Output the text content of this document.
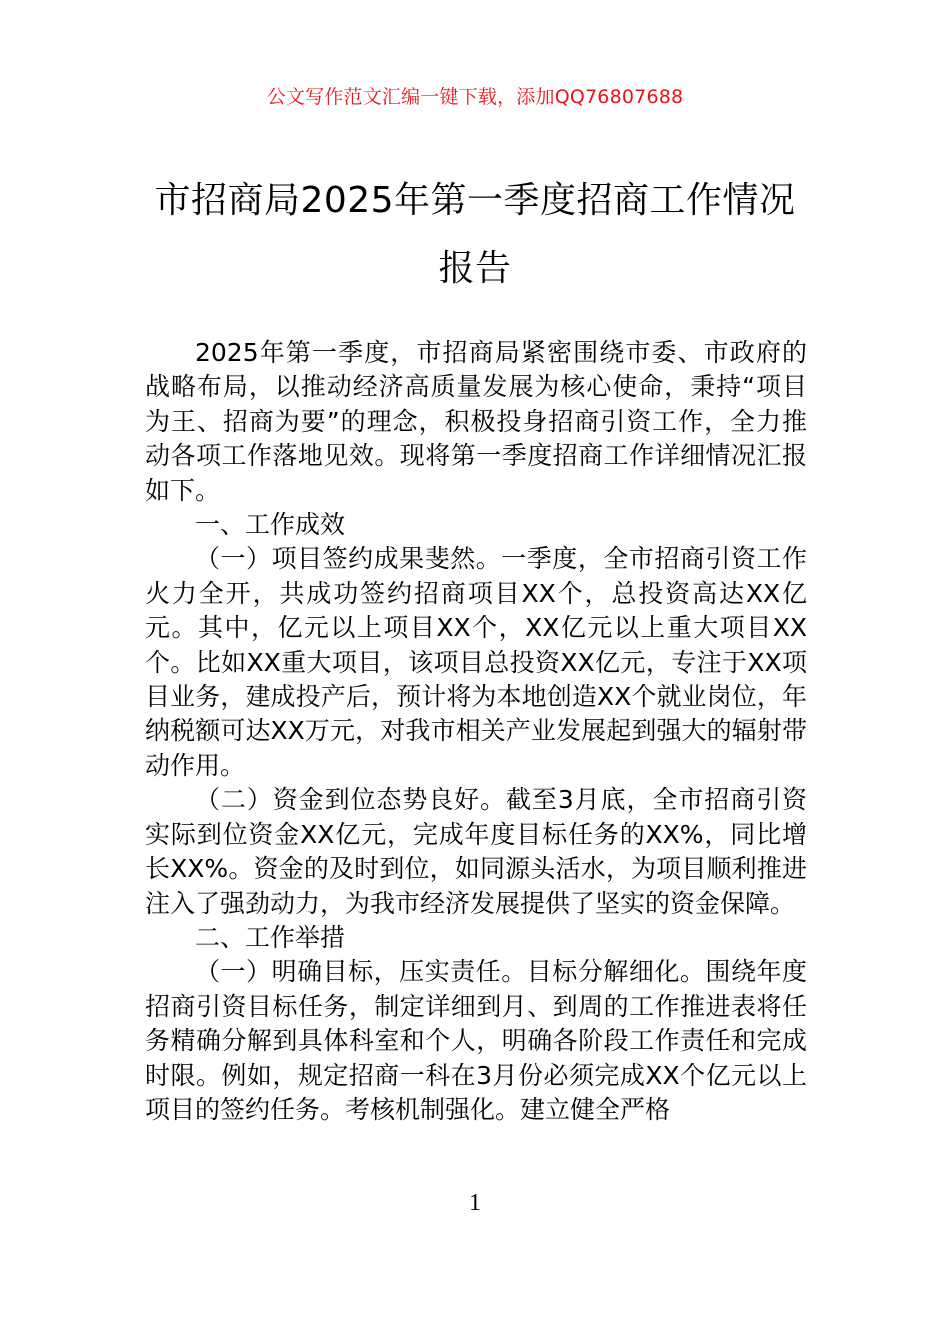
公文写作范文汇编一键下载，添加QQ76807688
市招商局2025年第一季度招商工作情况报告

2025年第一季度，市招商局紧密围绕市委、市政府的战略布局，以推动经济高质量发展为核心使命，秉持“项目为王、招商为要”的理念，积极投身招商引资工作，全力推动各项工作落地见效。现将第一季度招商工作详细情况汇报如下。

一、工作成效

（一）项目签约成果斐然。一季度，全市招商引资工作火力全开，共成功签约招商项目XX个，总投资高达XX亿元。其中，亿元以上项目XX个，XX亿元以上重大项目XX个。比如XX重大项目，该项目总投资XX亿元，专注于XX项目业务，建成投产后，预计将为本地创造XX个就业岗位，年纳税额可达XX万元，对我市相关产业发展起到强大的辐射带动作用。

（二）资金到位态势良好。截至3月底，全市招商引资实际到位资金XX亿元，完成年度目标任务的XX%，同比增长XX%。资金的及时到位，如同源头活水，为项目顺利推进注入了强劲动力，为我市经济发展提供了坚实的资金保障。

二、工作举措

（一）明确目标，压实责任。目标分解细化。围绕年度招商引资目标任务，制定详细到月、到周的工作推进表将任务精确分解到具体科室和个人，明确各阶段工作责任和完成时限。例如，规定招商一科在3月份必须完成XX个亿元以上项目的签约任务。考核机制强化。建立健全严格

1
